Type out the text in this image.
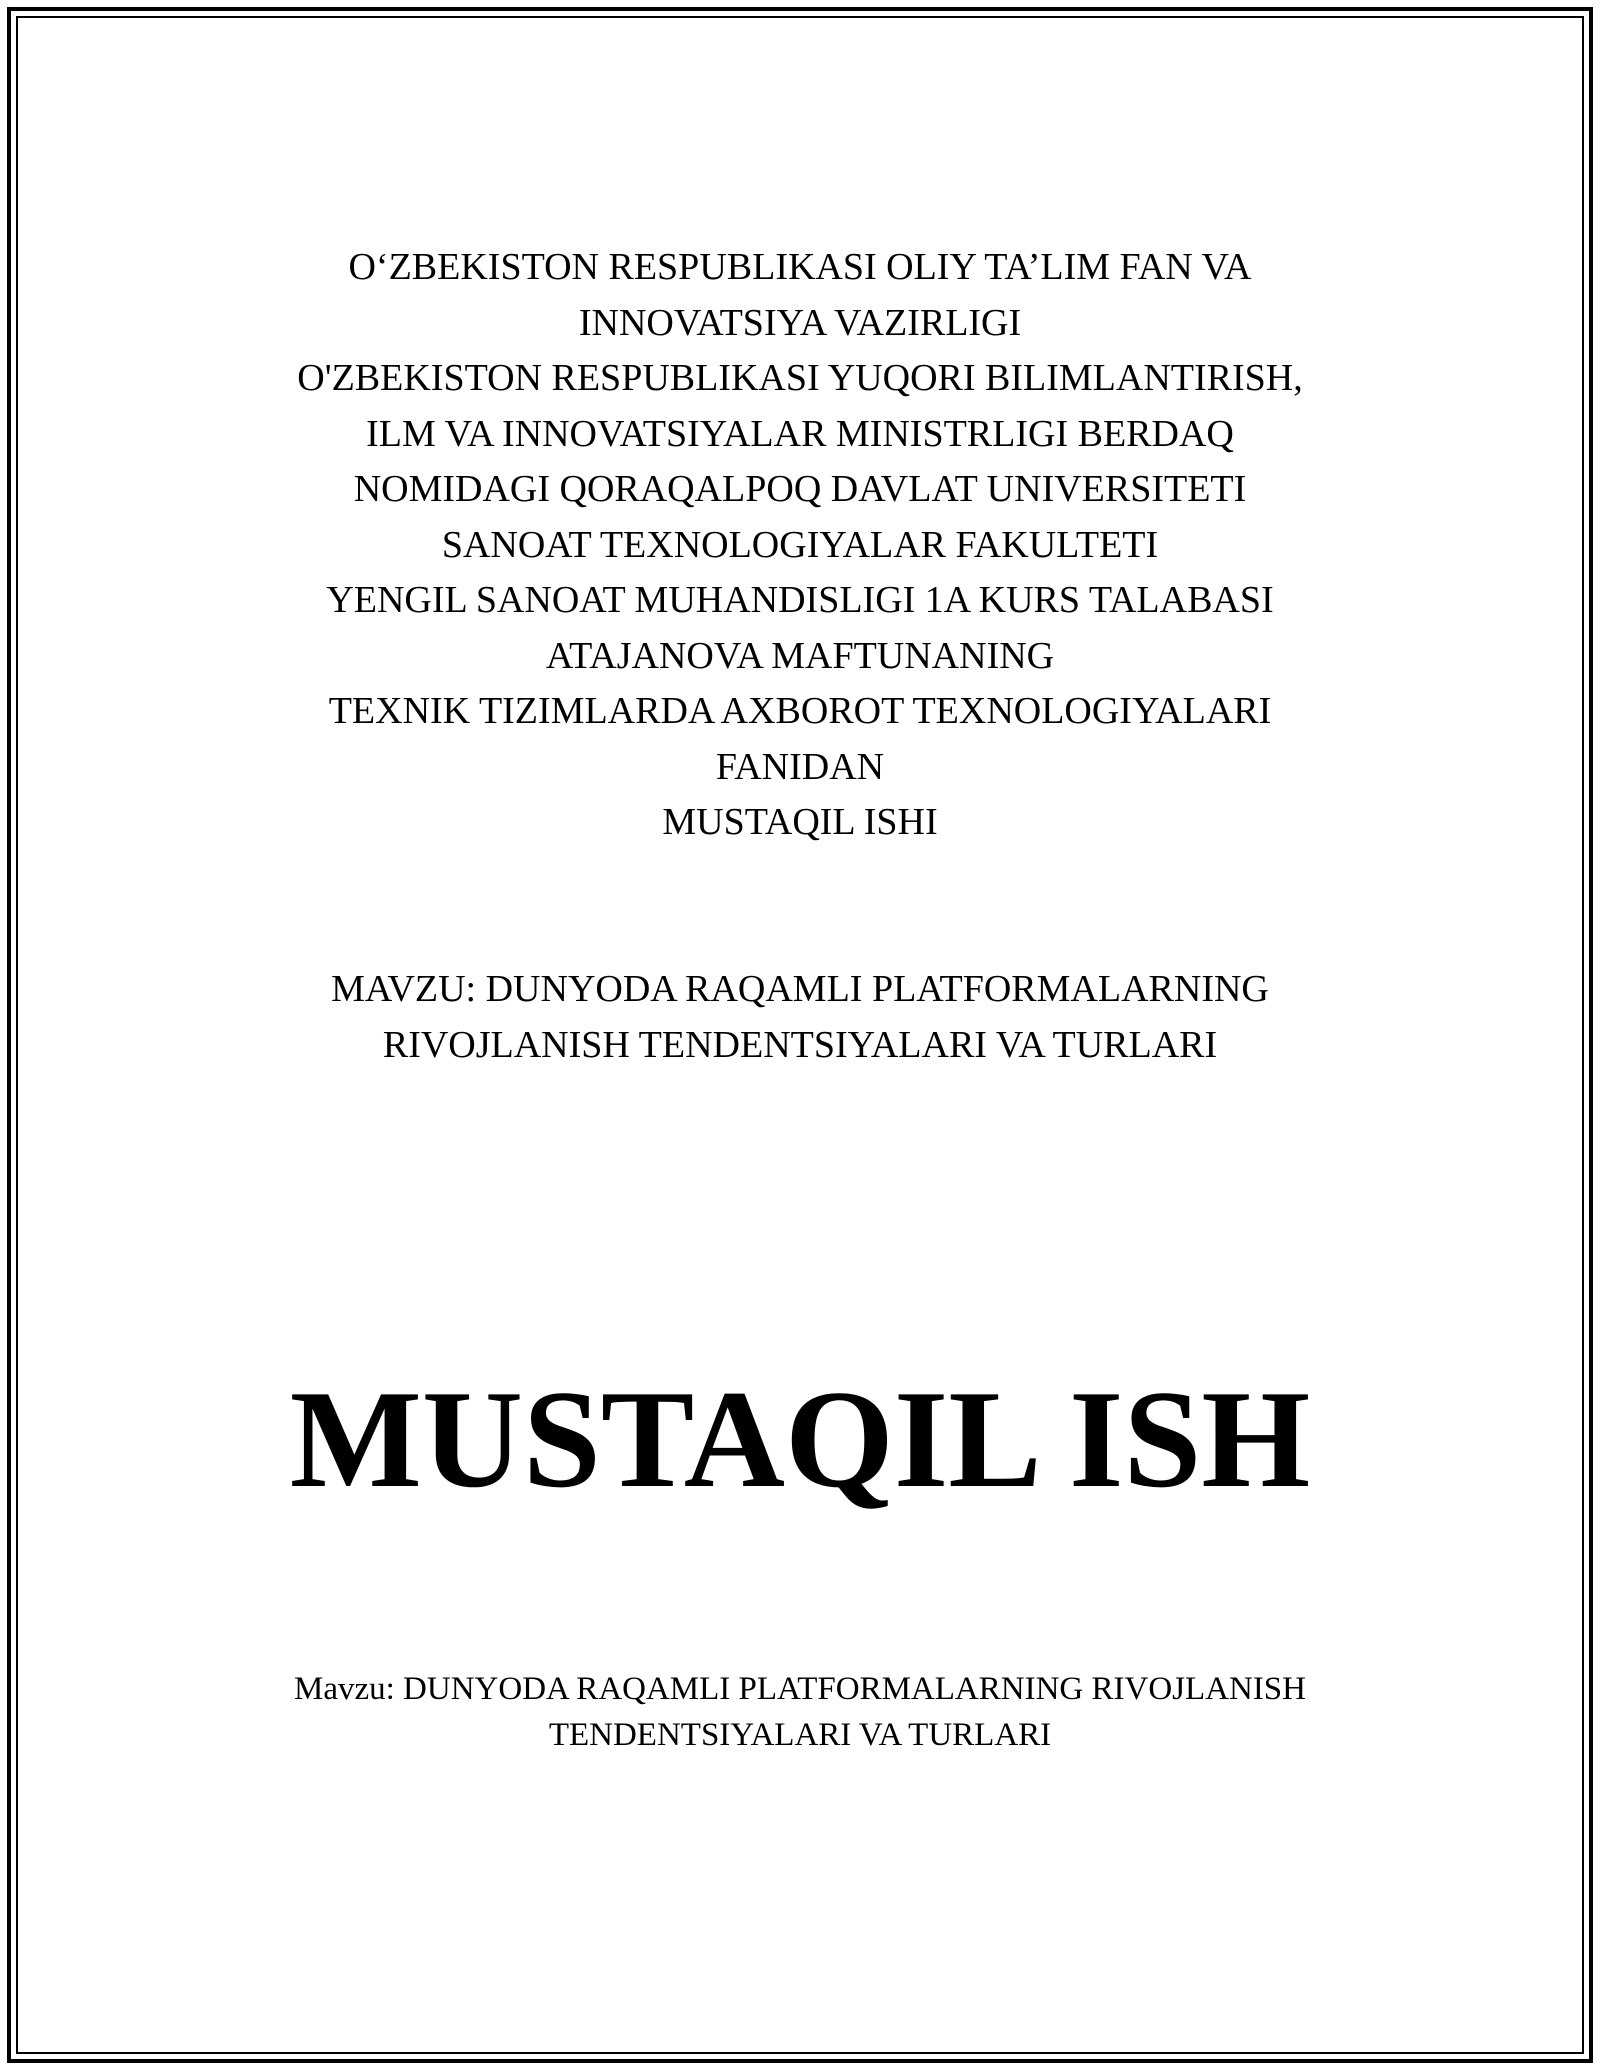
O‘ZBEKISTON RESPUBLIKASI OLIY TA’LIM FAN VA
INNOVATSIYA VAZIRLIGI
O'ZBEKISTON RESPUBLIKASI YUQORI BILIMLANTIRISH,
ILM VA INNOVATSIYALAR MINISTRLIGI BERDAQ
NOMIDAGI QORAQALPOQ DAVLAT UNIVERSITETI
SANOAT TEXNOLOGIYALAR FAKULTETI
YENGIL SANOAT MUHANDISLIGI 1A KURS TALABASI
ATAJANOVA MAFTUNANING
TEXNIK TIZIMLARDA AXBOROT TEXNOLOGIYALARI
FANIDAN
MUSTAQIL ISHI
MAVZU: DUNYODA RAQAMLI PLATFORMALARNING
RIVOJLANISH TENDENTSIYALARI VA TURLARI
MUSTAQIL ISH
Mavzu: DUNYODA RAQAMLI PLATFORMALARNING RIVOJLANISH
TENDENTSIYALARI VA TURLARI
